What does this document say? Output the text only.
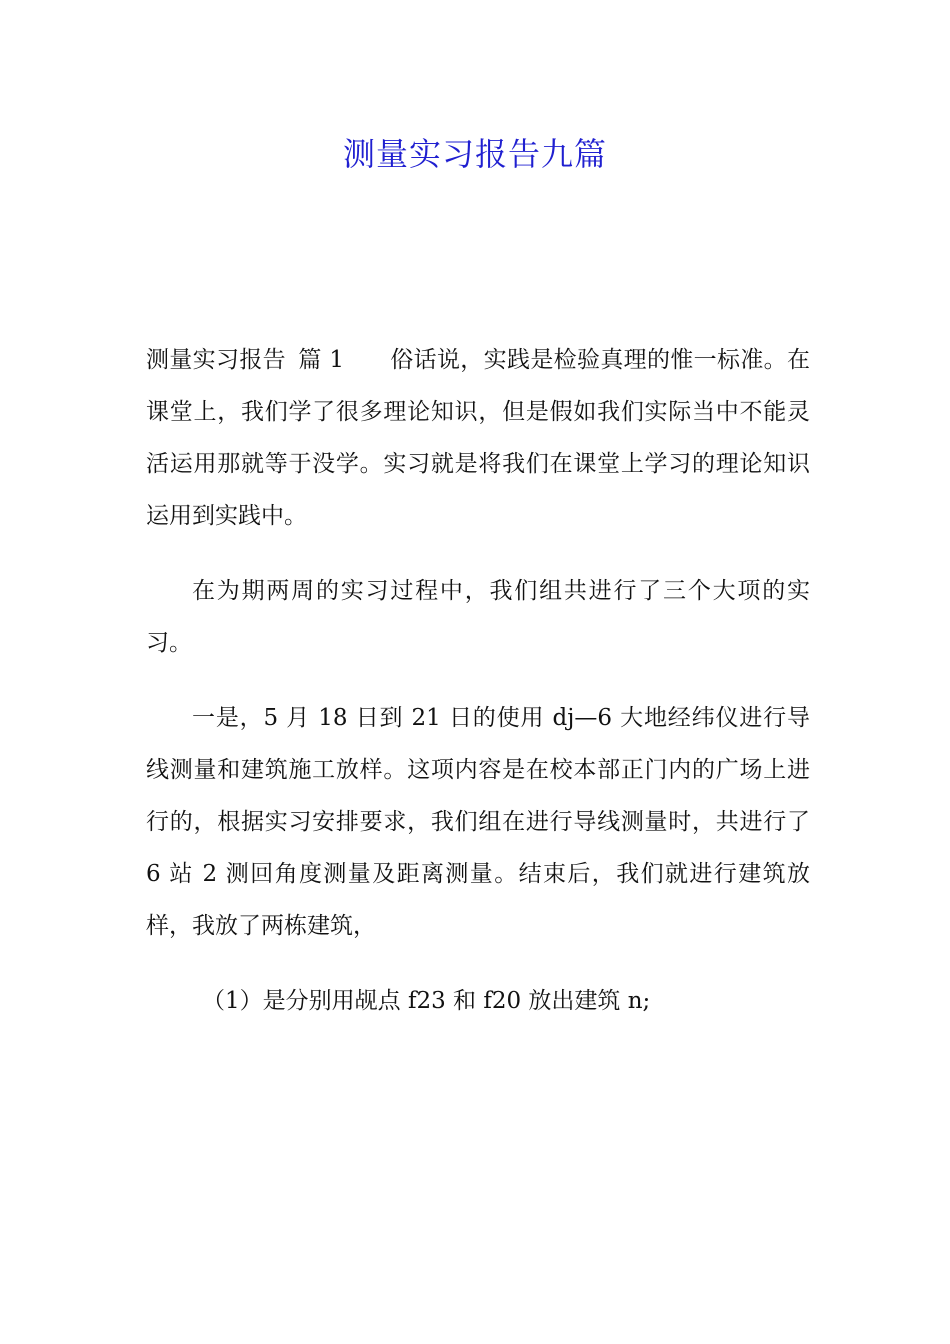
测量实习报告九篇

测量实习报告 篇 1 俗话说，实践是检验真理的惟一标准。在课堂上，我们学了很多理论知识，但是假如我们实际当中不能灵活运用那就等于没学。实习就是将我们在课堂上学习的理论知识运用到实践中。

在为期两周的实习过程中，我们组共进行了三个大项的实习。

一是，5 月 18 日到 21 日的使用 dj—6 大地经纬仪进行导线测量和建筑施工放样。这项内容是在校本部正门内的广场上进行的，根据实习安排要求，我们组在进行导线测量时，共进行了 6 站 2 测回角度测量及距离测量。结束后，我们就进行建筑放样，我放了两栋建筑，

（1）是分别用觇点 f23 和 f20 放出建筑 n;
